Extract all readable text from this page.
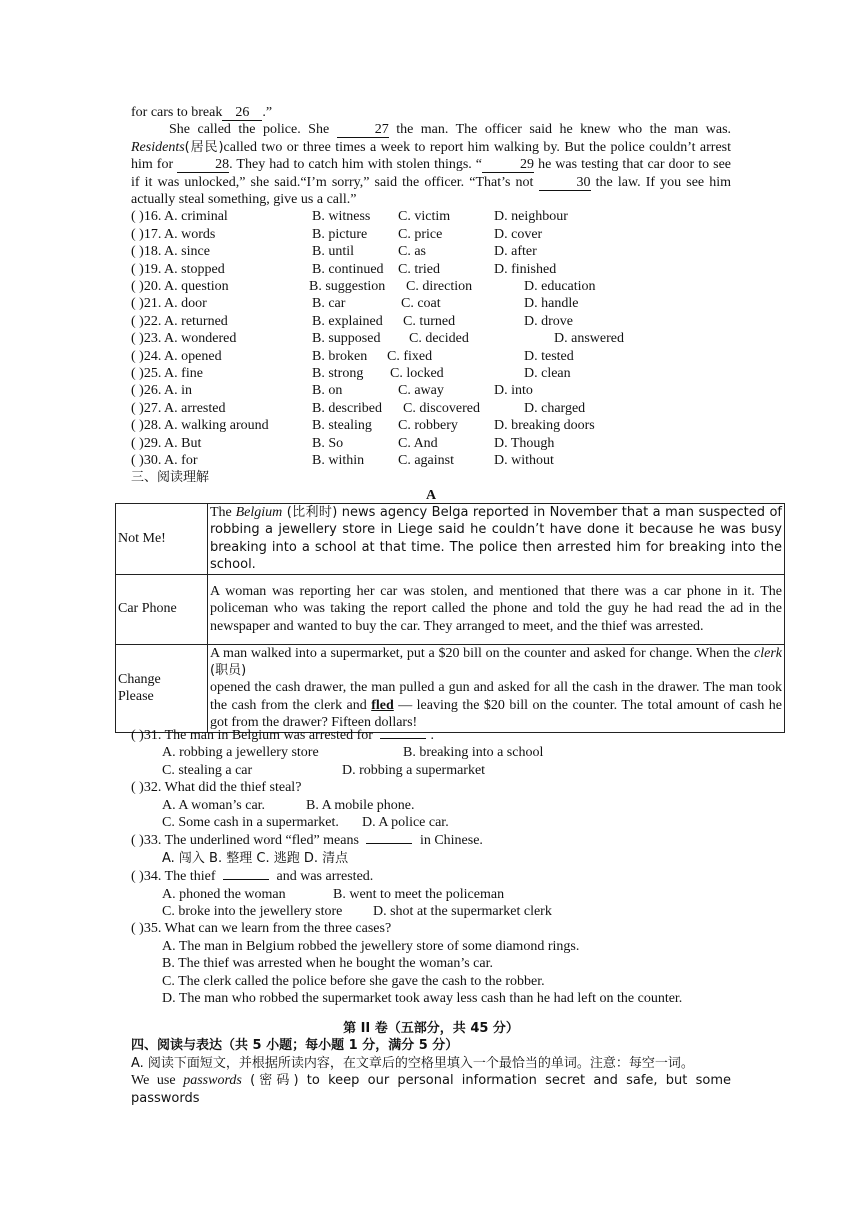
for cars to break 26 .”

She called the police. She	27 the man. The officer said he knew who the man was. Residents(居民)called two or three times a week to report him walking by. But the police couldn’t arrest him for	28. They had to catch him with stolen things. “	29 he was testing that car door to see if it was unlocked,” she said.“I’m sorry,” said the officer. “That’s not	30 the law. If you see him actually steal something, give us a call.”

( )16. A. criminal	B. witness C. victim	D. neighbour
( )17. A. words	B. picture C. price	D. cover
( )18. A. since	B. until	C. as	D. after
( )19. A. stopped	B. continued C. tried	D. finished
( )20. A. question	B. suggestion C. direction	D. education
( )21. A. door	B. car	C. coat	D. handle
( )22. A. returned	B. explained C. turned	D. drove
( )23. A. wondered	B. supposed C. decided	D. answered
( )24. A. opened	B. broken C. fixed	D. tested
( )25. A. fine	B. strong C. locked	D. clean
( )26. A. in	B. on	C. away	D. into
( )27. A. arrested	B. described C. discovered	D. charged
( )28. A. walking around	B. stealing C. robbery	D. breaking doors
( )29. A. But	B. So	C. And	D. Though
( )30. A. for	B. within C. against	D. without

三、阅读理解

A

Not Me!	The Belgium (比利时) news agency Belga reported in November that a man suspected of robbing a jewellery store in Liege said he couldn’t have done it because he was busy breaking into a school at that time. The police then arrested him for breaking into the school.
Car Phone	A woman was reporting her car was stolen, and mentioned that there was a car phone in it. The policeman who was taking the report called the phone and told the guy he had read the ad in the newspaper and wanted to buy the car. They arranged to meet, and the thief was arrested.
Change
Please	A man walked into a supermarket, put a $20 bill on the counter and asked for change. When the clerk (职员)
opened the cash drawer, the man pulled a gun and asked for all the cash in the drawer. The man took the cash from the clerk and fled — leaving the $20 bill on the counter. The total amount of cash he got from the drawer? Fifteen dollars!

( )31. The man in Belgium was arrested for	.

A. robbing a jewellery store	B. breaking into a school
C. stealing a car	D. robbing a supermarket

( )32. What did the thief steal?

A. A woman’s car.	B. A mobile phone.
C. Some cash in a supermarket. D. A police car.

( )33. The underlined word “fled” means	in Chinese.

A. 闯入 B. 整理 C. 逃跑 D. 清点

( )34. The thief	and was arrested.

A. phoned the woman	B. went to meet the policeman
C. broke into the jewellery store D. shot at the supermarket clerk

( )35. What can we learn from the three cases?

A. The man in Belgium robbed the jewellery store of some diamond rings.

B. The thief was arrested when he bought the woman’s car.

C. The clerk called the police before she gave the cash to the robber.

D. The man who robbed the supermarket took away less cash than he had left on the counter.

第 II 卷（五部分，共 45 分）

四、阅读与表达（共 5 小题；每小题 1 分，满分 5 分）

A. 阅读下面短文，并根据所读内容，在文章后的空格里填入一个最恰当的单词。注意：每空一词。

We use passwords (密码) to keep our personal information secret and safe, but some passwords
